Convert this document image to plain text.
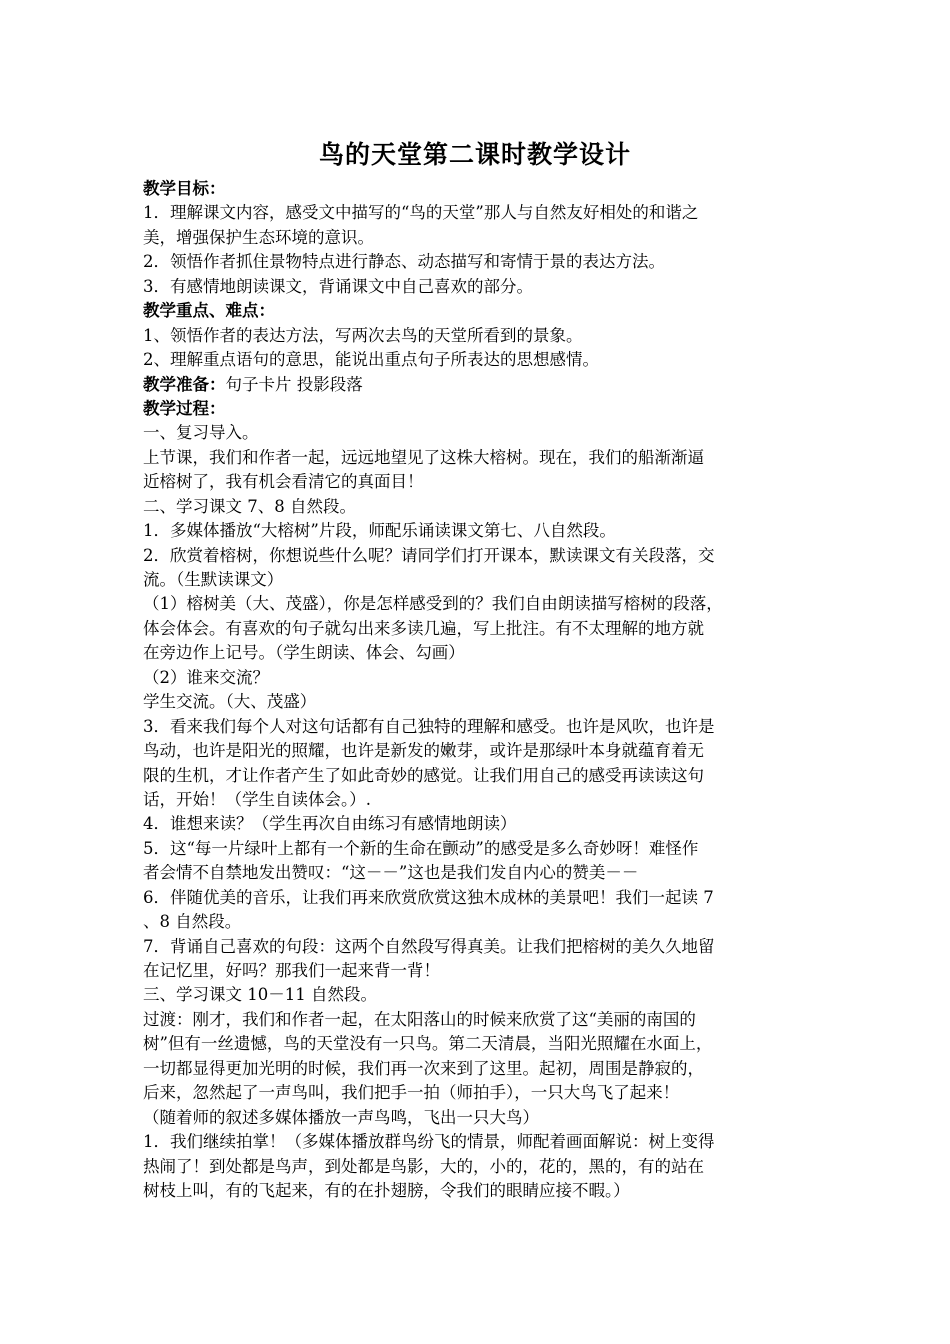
鸟的天堂第二课时教学设计
教学目标：
1．理解课文内容，感受文中描写的“鸟的天堂”那人与自然友好相处的和谐之
美，增强保护生态环境的意识。
2．领悟作者抓住景物特点进行静态、动态描写和寄情于景的表达方法。
3．有感情地朗读课文，背诵课文中自己喜欢的部分。
教学重点、难点：
1、领悟作者的表达方法，写两次去鸟的天堂所看到的景象。
2、理解重点语句的意思，能说出重点句子所表达的思想感情。
教学准备：句子卡片 投影段落
教学过程：
一、复习导入。
上节课，我们和作者一起，远远地望见了这株大榕树。现在，我们的船渐渐逼
近榕树了，我有机会看清它的真面目！
二、学习课文 7、8 自然段。
1．多媒体播放“大榕树”片段，师配乐诵读课文第七、八自然段。
2．欣赏着榕树，你想说些什么呢？请同学们打开课本，默读课文有关段落，交
流。（生默读课文）
（1）榕树美（大、茂盛），你是怎样感受到的？我们自由朗读描写榕树的段落，
体会体会。有喜欢的句子就勾出来多读几遍，写上批注。有不太理解的地方就
在旁边作上记号。（学生朗读、体会、勾画）
（2）谁来交流？
学生交流。（大、茂盛）
3．看来我们每个人对这句话都有自己独特的理解和感受。也许是风吹，也许是
鸟动，也许是阳光的照耀，也许是新发的嫩芽，或许是那绿叶本身就蕴育着无
限的生机，才让作者产生了如此奇妙的感觉。让我们用自己的感受再读读这句
话，开始！（学生自读体会。）.
4．谁想来读？（学生再次自由练习有感情地朗读）
5．这“每一片绿叶上都有一个新的生命在颤动”的感受是多么奇妙呀！难怪作
者会情不自禁地发出赞叹：“这－－”这也是我们发自内心的赞美－－
6．伴随优美的音乐，让我们再来欣赏欣赏这独木成林的美景吧！我们一起读 7
、8 自然段。
7．背诵自己喜欢的句段：这两个自然段写得真美。让我们把榕树的美久久地留
在记忆里，好吗？那我们一起来背一背！
三、学习课文 10－11 自然段。
过渡：刚才，我们和作者一起，在太阳落山的时候来欣赏了这“美丽的南国的
树”但有一丝遗憾，鸟的天堂没有一只鸟。第二天清晨，当阳光照耀在水面上，
一切都显得更加光明的时候，我们再一次来到了这里。起初，周围是静寂的，
后来，忽然起了一声鸟叫，我们把手一拍（师拍手），一只大鸟飞了起来！
（随着师的叙述多媒体播放一声鸟鸣，飞出一只大鸟）
1．我们继续拍掌！（多媒体播放群鸟纷飞的情景，师配着画面解说：树上变得
热闹了！到处都是鸟声，到处都是鸟影，大的，小的，花的，黑的，有的站在
树枝上叫，有的飞起来，有的在扑翅膀，令我们的眼睛应接不暇。）
